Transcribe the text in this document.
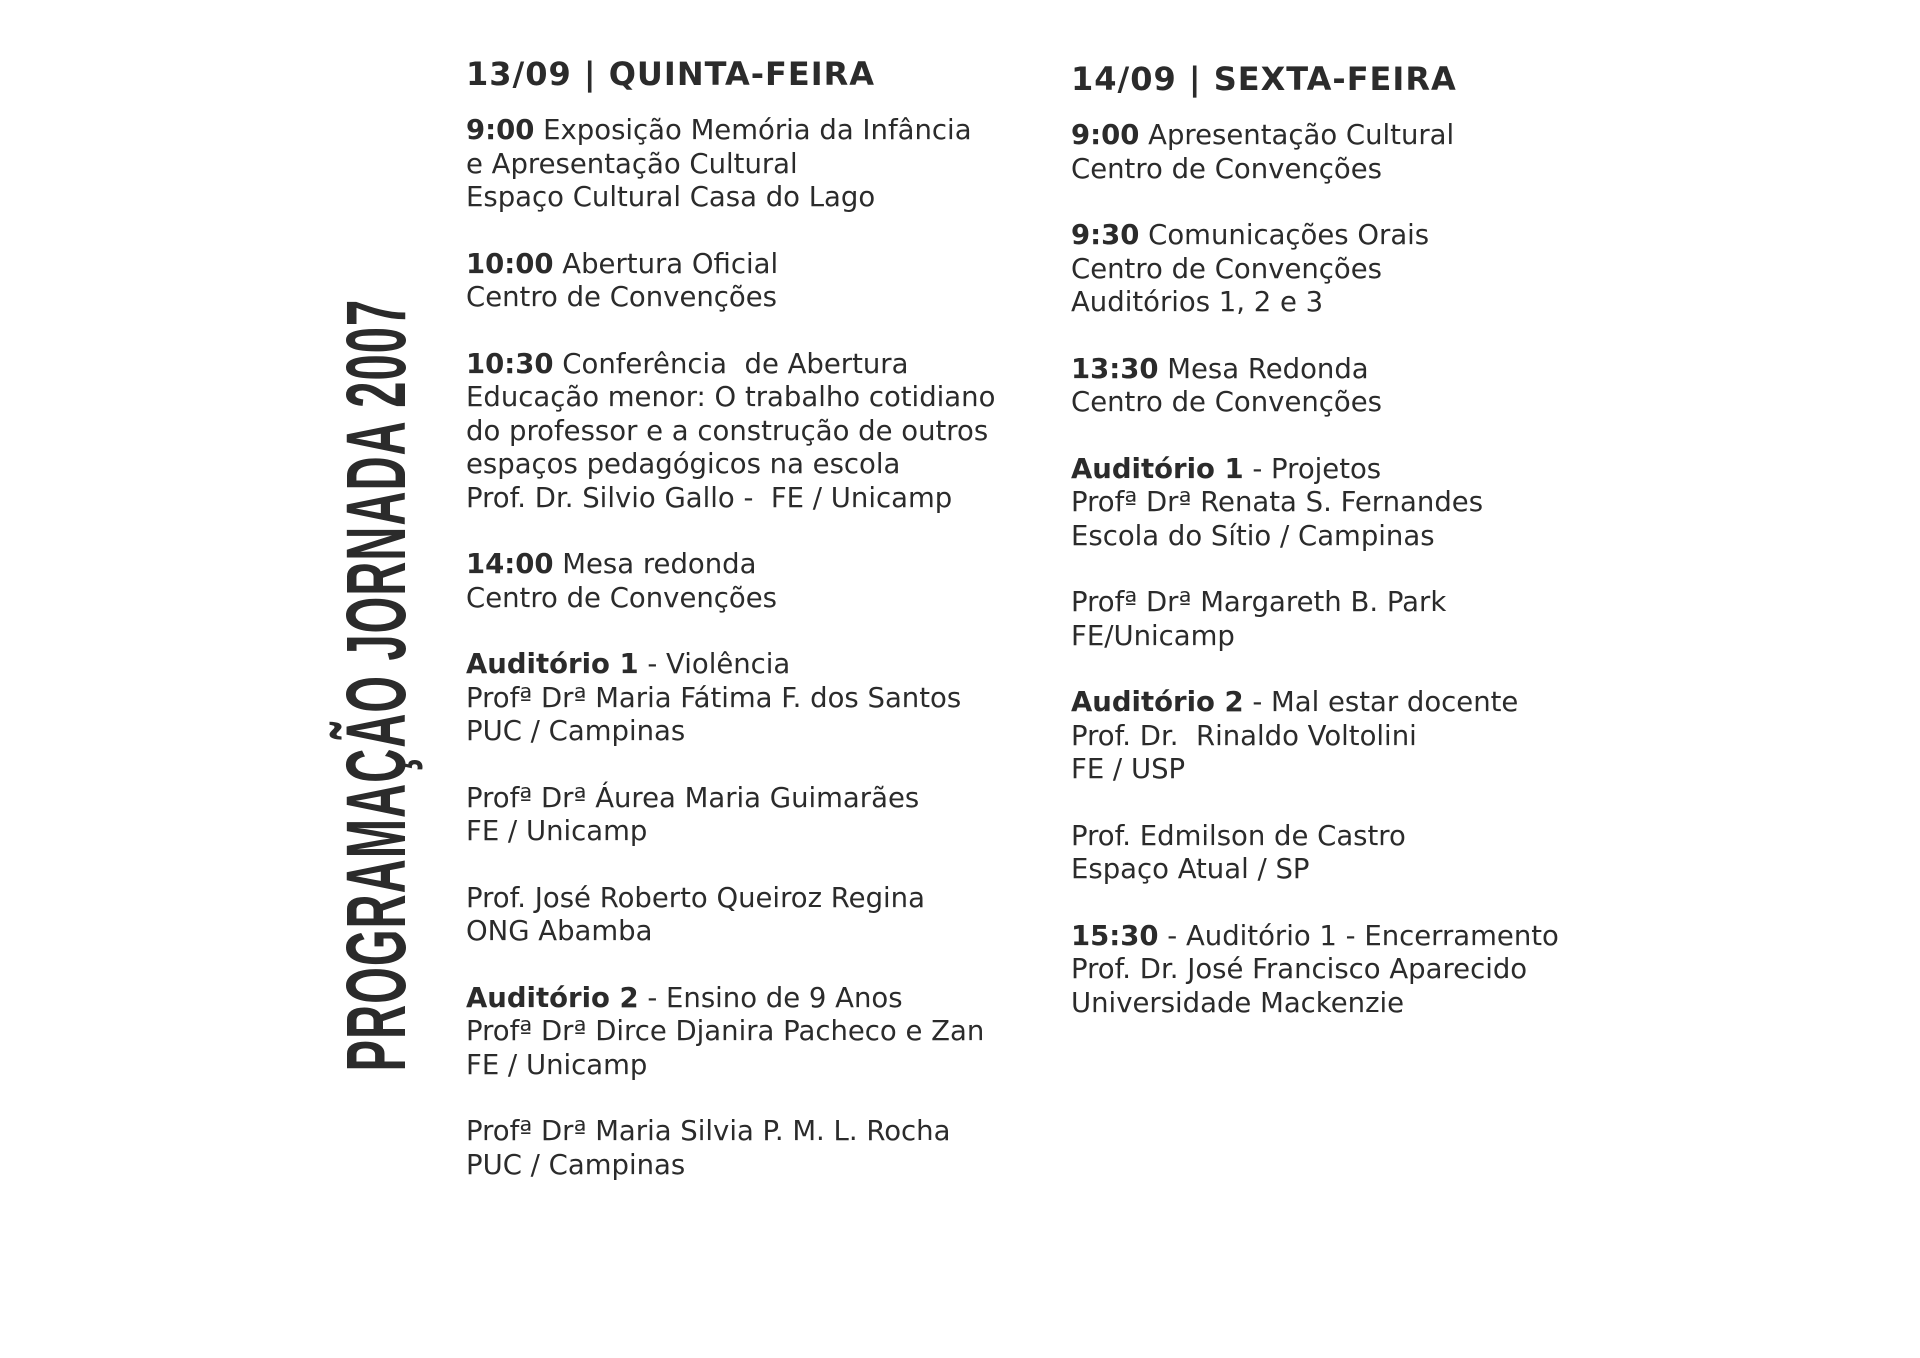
PROGRAMAÇÃO JORNADA 2007
13/09 | QUINTA-FEIRA
9:00 Exposição Memória da Infância
e Apresentação Cultural
Espaço Cultural Casa do Lago
10:00 Abertura Oficial
Centro de Convenções
10:30 Conferência  de Abertura
Educação menor: O trabalho cotidiano
do professor e a construção de outros
espaços pedagógicos na escola
Prof. Dr. Silvio Gallo -  FE / Unicamp
14:00 Mesa redonda
Centro de Convenções
Auditório 1 - Violência
Profª Drª Maria Fátima F. dos Santos
PUC / Campinas
Profª Drª Áurea Maria Guimarães
FE / Unicamp
Prof. José Roberto Queiroz Regina
ONG Abamba
Auditório 2 - Ensino de 9 Anos
Profª Drª Dirce Djanira Pacheco e Zan
FE / Unicamp
Profª Drª Maria Silvia P. M. L. Rocha
PUC / Campinas
14/09 | SEXTA-FEIRA
9:00 Apresentação Cultural
Centro de Convenções
9:30 Comunicações Orais
Centro de Convenções
Auditórios 1, 2 e 3
13:30 Mesa Redonda
Centro de Convenções
Auditório 1 - Projetos
Profª Drª Renata S. Fernandes
Escola do Sítio / Campinas
Profª Drª Margareth B. Park
FE/Unicamp
Auditório 2 - Mal estar docente
Prof. Dr.  Rinaldo Voltolini
FE / USP
Prof. Edmilson de Castro
Espaço Atual / SP
15:30 - Auditório 1 - Encerramento
Prof. Dr. José Francisco Aparecido
Universidade Mackenzie
